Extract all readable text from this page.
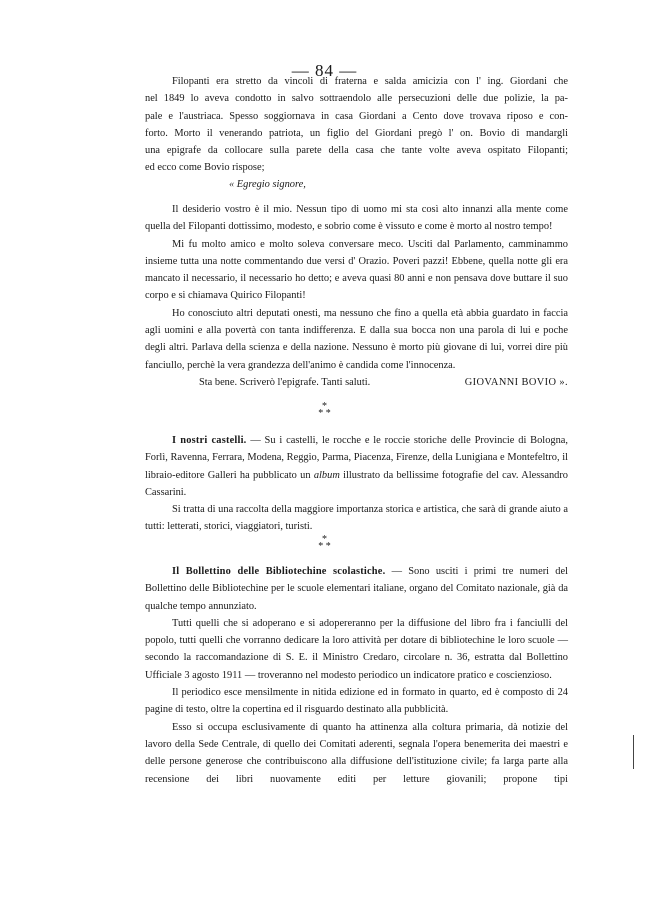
— 84 —

Filopanti era stretto da vincoli di fraterna e salda amicizia con l' ing. Giordani che

nel 1849 lo aveva condotto in salvo sottraendolo alle persecuzioni delle due polizie, la pa-

pale e l'austriaca. Spesso soggiornava in casa Giordani a Cento dove trovava riposo e con-

forto. Morto il venerando patriota, un figlio del Giordani pregò l' on. Bovio di mandargli

una epigrafe da collocare sulla parete della casa che tante volte aveva ospitato Filopanti;

ed ecco come Bovio rispose;

« Egregio signore,

Il desiderio vostro è il mio. Nessun tipo di uomo mi sta così alto innanzi alla mente come quella del Filopanti dottissimo, modesto, e sobrio come è vissuto e come è morto al nostro tempo!

Mi fu molto amico e molto soleva conversare meco. Usciti dal Parlamento, camminammo insieme tutta una notte commentando due versi d' Orazio. Poveri pazzi! Ebbene, quella notte gli era mancato il necessario, il necessario ho detto; e aveva quasi 80 anni e non pensava dove buttare il suo corpo e si chiamava Quirico Filopanti!

Ho conosciuto altri deputati onesti, ma nessuno che fino a quella età abbia guardato in faccia agli uomini e alla povertà con tanta indifferenza. E dalla sua bocca non una parola di lui e poche degli altri. Parlava della scienza e della nazione. Nessuno è morto più giovane di lui, vorrei dire più fanciullo, perchè la vera grandezza dell'animo è candida come l'innocenza.

Sta bene. Scriverò l'epigrafe. Tanti saluti.	GIOVANNI BOVIO ».
*
* *

I nostri castelli. — Su i castelli, le rocche e le roccie storiche delle Provincie di Bologna, Forlì, Ravenna, Ferrara, Modena, Reggio, Parma, Piacenza, Firenze, della Lunigiana e Montefeltro, il libraio-editore Galleri ha pubblicato un album illustrato da bellissime fotografie del cav. Alessandro Cassarini.

Si tratta di una raccolta della maggiore importanza storica e artistica, che sarà di grande aiuto a tutti: letterati, storici, viaggiatori, turisti.

*
* *

Il Bollettino delle Bibliotechine scolastiche. — Sono usciti i primi tre numeri del Bollettino delle Bibliotechine per le scuole elementari italiane, organo del Comitato nazionale, già da qualche tempo annunziato.

Tutti quelli che si adoperano e si adopereranno per la diffusione del libro fra i fanciulli del popolo, tutti quelli che vorranno dedicare la loro attività per dotare di bibliotechine le loro scuole — secondo la raccomandazione di S. E. il Ministro Credaro, circolare n. 36, estratta dal Bollettino Ufficiale 3 agosto 1911 — troveranno nel modesto periodico un indicatore pratico e coscienzioso.

Il periodico esce mensilmente in nitida edizione ed in formato in quarto, ed è composto di 24 pagine di testo, oltre la copertina ed il risguardo destinato alla pubblicità.

Esso si occupa esclusivamente di quanto ha attinenza alla coltura primaria, dà notizie del lavoro della Sede Centrale, di quello dei Comitati aderenti, segnala l'opera benemerita dei maestri e delle persone generose che contribuiscono alla diffusione dell'istituzione civile; fa larga parte alla recensione dei libri nuovamente editi per letture giovanili; propone tipi
